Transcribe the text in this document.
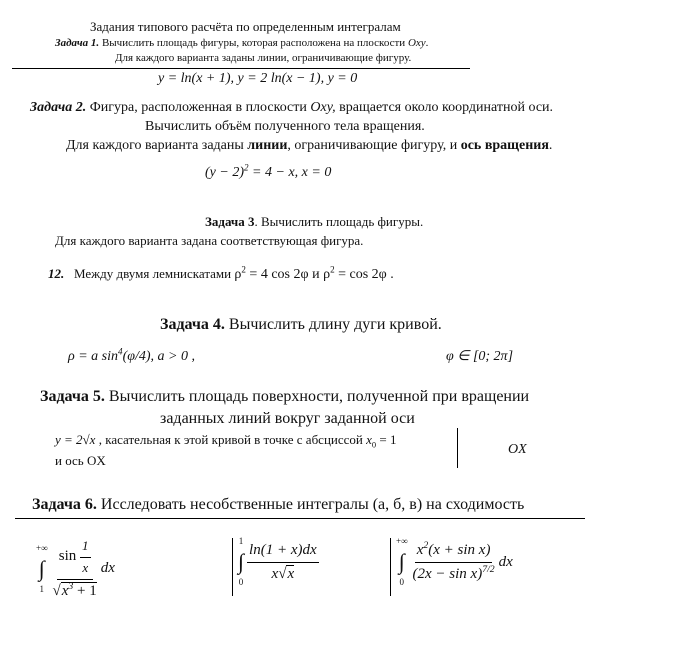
Задания типового расчёта по определенным интегралам
Задача 1. Вычислить площадь фигуры, которая расположена на плоскости Oxy.
Для каждого варианта заданы линии, ограничивающие фигуру.
y = ln(x + 1), y = 2 ln(x − 1), y = 0
Задача 2. Фигура, расположенная в плоскости Oxy, вращается около координатной оси.
Вычислить объём полученного тела вращения.
Для каждого варианта заданы линии, ограничивающие фигуру, и ось вращения.
$(y - 2)^2 = 4 - x$, x = 0
Задача 3. Вычислить площадь фигуры.
Для каждого варианта задана соответствующая фигура.
12. Между двумя лемнискатами $\rho^2 = 4$ cos 2φ и $\rho^2 = \cos 2\varphi$ .
Задача 4. Вычислить длину дуги кривой.
ρ = a $\sin^4(\varphi/4)$, a > 0 ,	φ ∈ [0; 2π]
Задача 5. Вычислить площадь поверхности, полученной при вращении
заданных линий вокруг заданной оси
y = 2√x , касательная к этой кривой в точке с абсциссой $x_0 = 1$
и ось OX
OX
Задача 6. Исследовать несобственные интегралы (а, б, в) на сходимость
+∞
∫
1 sin
$\frac{1}{x}$
$√x^3 + 1$ dx
1
∫
$0 \frac{\ln(1 + x)dx}{x√x}$	+∞
∫
$0 \frac{x^2(x + \sin x)}{(2x - \sin x)^{7/2}}$ dx
